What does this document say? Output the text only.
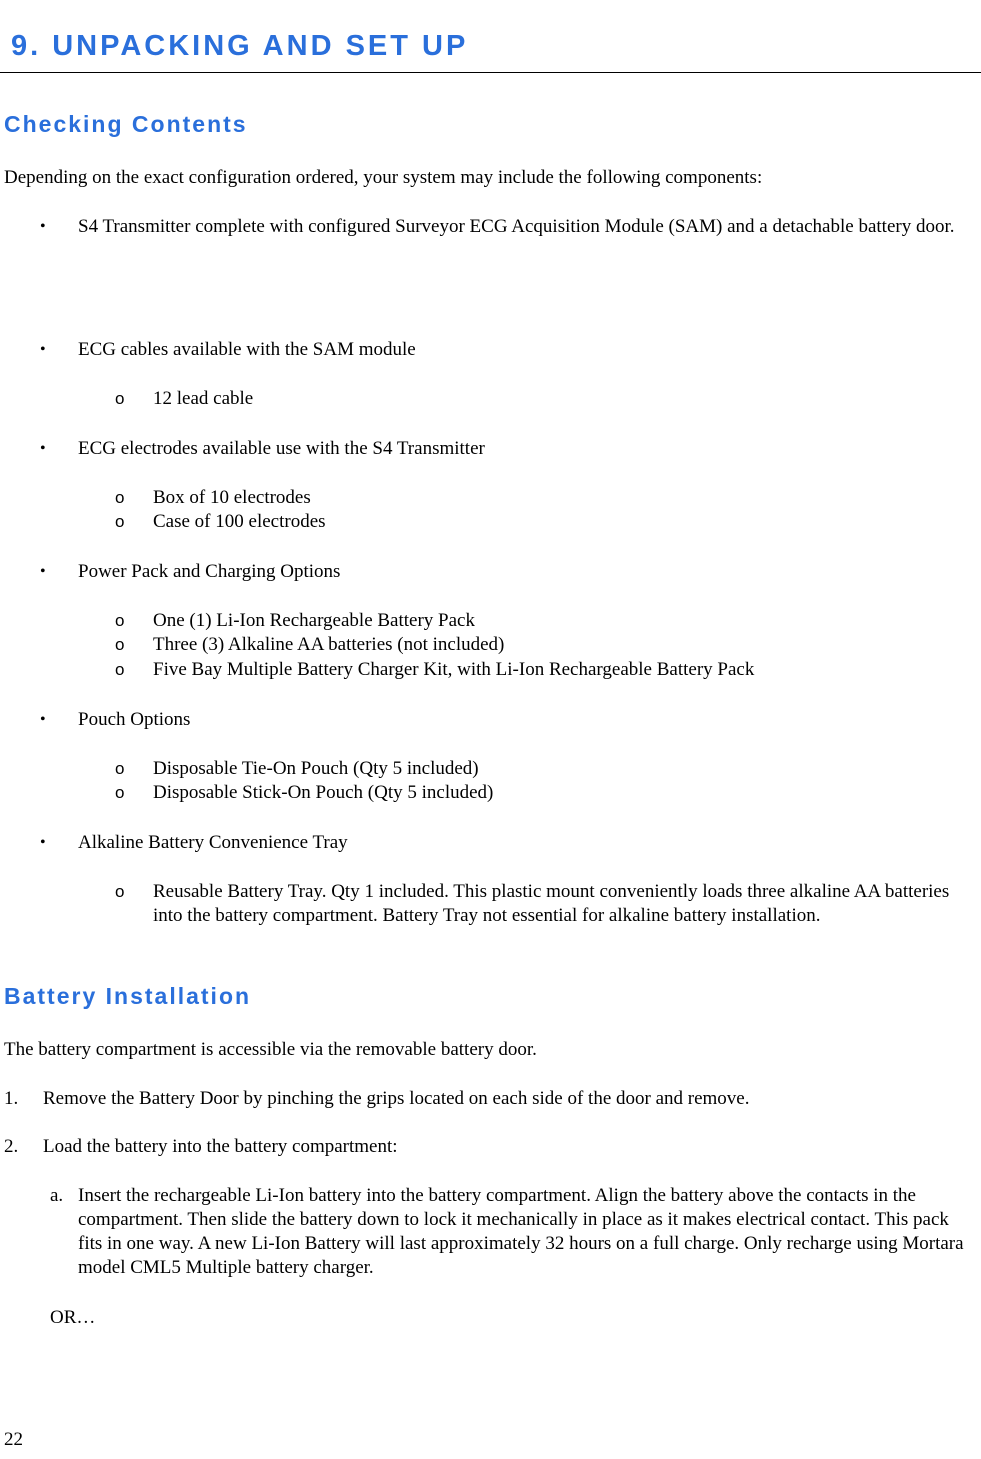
9. UNPACKING AND SET UP
Checking Contents
Depending on the exact configuration ordered, your system may include the following components:
• S4 Transmitter complete with configured Surveyor ECG Acquisition Module (SAM) and a detachable battery door.
• ECG cables available with the SAM module
o 12 lead cable
• ECG electrodes available use with the S4 Transmitter
o Box of 10 electrodes
o Case of 100 electrodes
• Power Pack and Charging Options
o One (1) Li-Ion Rechargeable Battery Pack
o Three (3) Alkaline AA batteries (not included)
o Five Bay Multiple Battery Charger Kit, with Li-Ion Rechargeable Battery Pack
• Pouch Options
o Disposable Tie-On Pouch (Qty 5 included)
o Disposable Stick-On Pouch (Qty 5 included)
• Alkaline Battery Convenience Tray
o Reusable Battery Tray. Qty 1 included. This plastic mount conveniently loads three alkaline AA batteries into the battery compartment. Battery Tray not essential for alkaline battery installation.
Battery Installation
The battery compartment is accessible via the removable battery door.
1. Remove the Battery Door by pinching the grips located on each side of the door and remove.
2. Load the battery into the battery compartment:
a. Insert the rechargeable Li-Ion battery into the battery compartment. Align the battery above the contacts in the compartment. Then slide the battery down to lock it mechanically in place as it makes electrical contact. This pack fits in one way. A new Li-Ion Battery will last approximately 32 hours on a full charge. Only recharge using Mortara model CML5 Multiple battery charger.
OR…
22
